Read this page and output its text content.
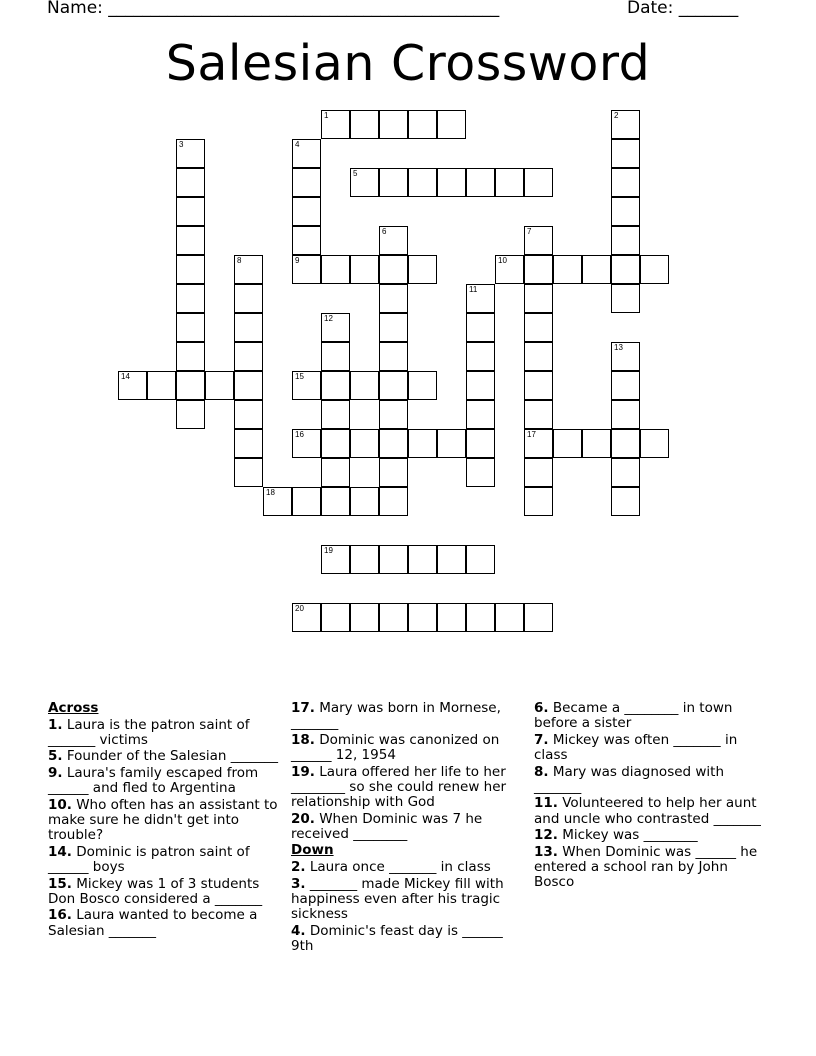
Name: ______________________________________________	Date: _______
Salesian Crossword
1	2
3	4
9
5
6	7
17
8	10
11
12
13
14	15
16
18
19
20
Across
1. Laura is the patron saint of _______ victims
5. Founder of the Salesian _______
9. Laura's family escaped from ______ and fled to Argentina
10. Who often has an assistant to make sure he didn't get into trouble?
14. Dominic is patron saint of ______ boys
15. Mickey was 1 of 3 students Don Bosco considered a _______
16. Laura wanted to become a Salesian _______
17. Mary was born in Mornese, _______
18. Dominic was canonized on ______ 12, 1954
19. Laura offered her life to her ________ so she could renew her relationship with God
20. When Dominic was 7 he received ________
Down
2. Laura once _______ in class
3. _______ made Mickey fill with happiness even after his tragic sickness
4. Dominic's feast day is ______ 9th
6. Became a ________ in town before a sister
7. Mickey was often _______ in class
8. Mary was diagnosed with _______
11. Volunteered to help her aunt and uncle who contrasted _______
12. Mickey was ________
13. When Dominic was ______ he entered a school ran by John Bosco
